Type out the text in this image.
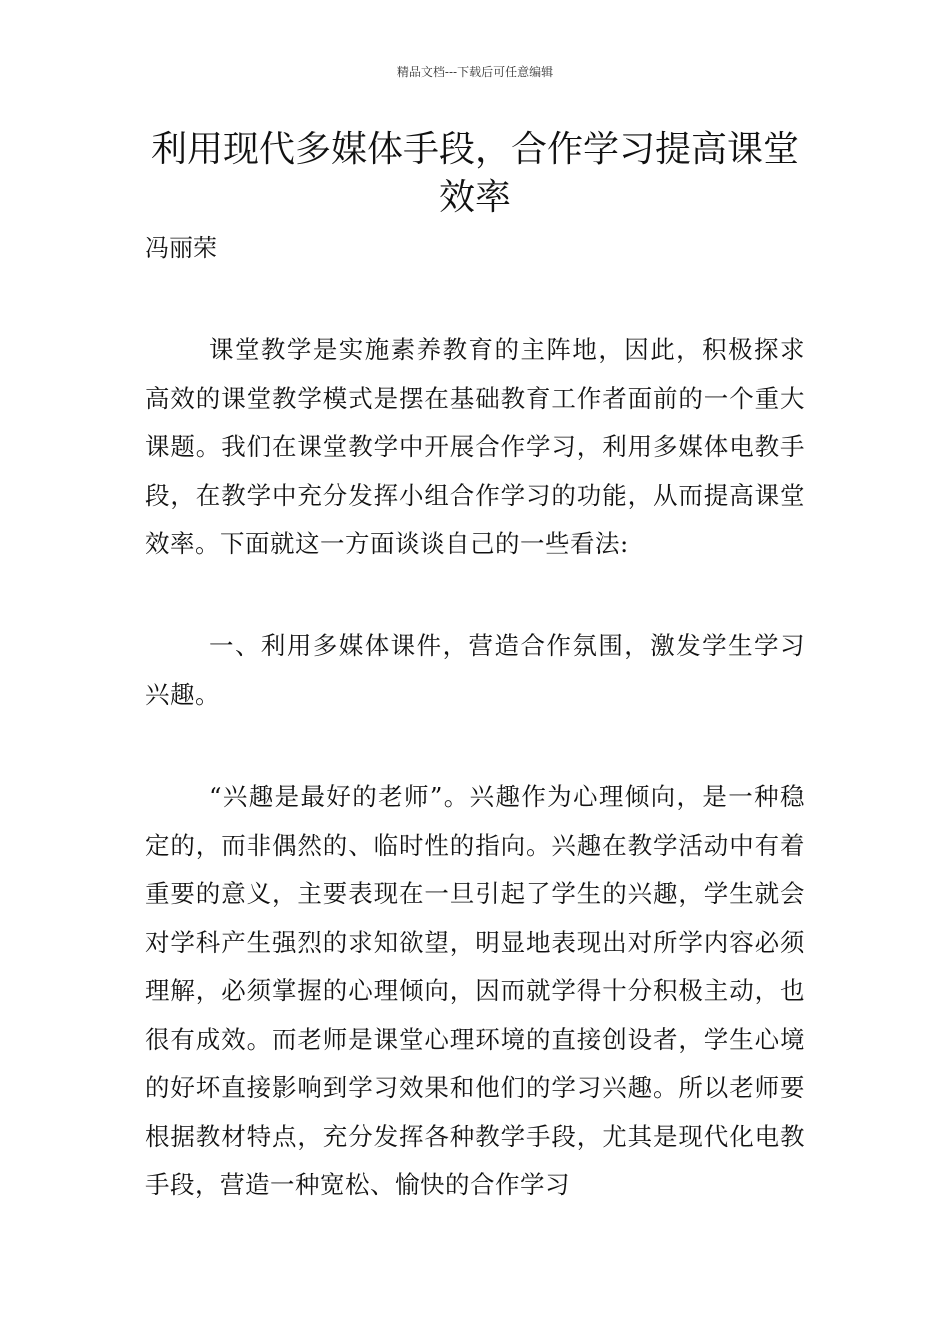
精品文档---下载后可任意编辑
利用现代多媒体手段，合作学习提高课堂效率
冯丽荣

课堂教学是实施素养教育的主阵地，因此，积极探求高效的课堂教学模式是摆在基础教育工作者面前的一个重大课题。我们在课堂教学中开展合作学习，利用多媒体电教手段，在教学中充分发挥小组合作学习的功能，从而提高课堂效率。下面就这一方面谈谈自己的一些看法:

一、利用多媒体课件，营造合作氛围，激发学生学习兴趣。

“兴趣是最好的老师”。兴趣作为心理倾向，是一种稳定的，而非偶然的、临时性的指向。兴趣在教学活动中有着重要的意义，主要表现在一旦引起了学生的兴趣，学生就会对学科产生强烈的求知欲望，明显地表现出对所学内容必须理解，必须掌握的心理倾向，因而就学得十分积极主动，也很有成效。而老师是课堂心理环境的直接创设者，学生心境的好坏直接影响到学习效果和他们的学习兴趣。所以老师要根据教材特点，充分发挥各种教学手段，尤其是现代化电教手段，营造一种宽松、愉快的合作学习
